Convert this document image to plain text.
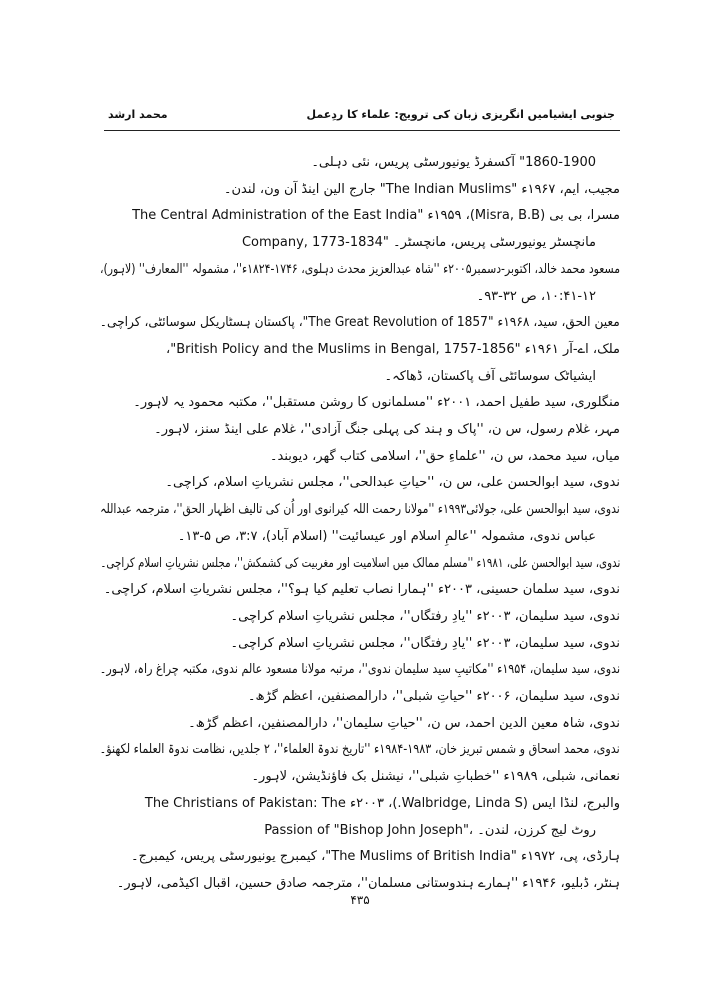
جنوبی ایشیامیں انگریزی زبان کی ترویج: علماء کا ردِعمل
محمد ارشد
1860-1900" آکسفرڈ یونیورسٹی پریس، نئی دہلی۔
مجیب، ایم، ۱۹۶۷ء "The Indian Muslims" جارج الین اینڈ آن ون، لندن۔
مسرا، بی بی (Misra, B.B)، ۱۹۵۹ء "The Central Administration of the East India
Company, 1773-1834" مانچسٹر یونیورسٹی پریس، مانچسٹر۔
مسعود محمد خالد، اکتوبر-دسمبر۲۰۰۵ء ''شاہ عبدالعزیز محدث دہلوی، ۱۷۴۶-۱۸۲۴ء''، مشمولہ ''المعارف'' (لاہور)،
۱۰:۴۱-۱۲، ص ۳۲-۹۳۔
معین الحق، سید، ۱۹۶۸ء "The Great Revolution of 1857"، پاکستان ہسٹاریکل سوسائٹی، کراچی۔
ملک، اے-آر ۱۹۶۱ء "British Policy and the Muslims in Bengal, 1757-1856"،
ایشیاٹک سوسائٹی آف پاکستان، ڈھاکہ۔
منگلوری، سید طفیل احمد، ۲۰۰۱ء ''مسلمانوں کا روشن مستقبل''، مکتبہ محمود یہ لاہور۔
مہر، غلام رسول، س ن، ''پاک و ہند کی پہلی جنگ آزادی''، غلام علی اینڈ سنز، لاہور۔
میاں، سید محمد، س ن، ''علماءِ حق''، اسلامی کتاب گھر، دیوبند۔
ندوی، سید ابوالحسن علی، س ن، ''حیاتِ عبدالحی''، مجلس نشریاتِ اسلام، کراچی۔
ندوی، سید ابوالحسن علی، جولائی۱۹۹۳ء ''مولانا رحمت اللہ کیرانوی اور اُن کی تالیف اظہار الحق''، مترجمہ عبداللہ
عباس ندوی، مشمولہ ''عالمِ اسلام اور عیسائیت'' (اسلام آباد)، ۳:۷، ص ۵-۱۳۔
ندوی، سید ابوالحسن علی، ۱۹۸۱ء ''مسلم ممالک میں اسلامیت اور مغربیت کی کشمکش''، مجلس نشریاتِ اسلام کراچی۔
ندوی، سید سلمان حسینی، ۲۰۰۳ء ''ہمارا نصاب تعلیم کیا ہو؟''، مجلس نشریاتِ اسلام، کراچی۔
ندوی، سید سلیمان، ۲۰۰۳ء ''یادِ رفتگاں''، مجلس نشریاتِ اسلام کراچی۔
ندوی، سید سلیمان، ۲۰۰۳ء ''یادِ رفتگاں''، مجلس نشریاتِ اسلام کراچی۔
ندوی، سید سلیمان، ۱۹۵۴ء ''مکاتیبِ سید سلیمان ندوی''، مرتبہ مولانا مسعود عالم ندوی، مکتبہ چراغ راہ، لاہور۔
ندوی، سید سلیمان، ۲۰۰۶ء ''حیاتِ شبلی''، دارالمصنفین، اعظم گڑھ۔
ندوی، شاہ معین الدین احمد، س ن، ''حیاتِ سلیمان''، دارالمصنفین، اعظم گڑھ۔
ندوی، محمد اسحاق و شمس تبریز خان، ۱۹۸۳-۱۹۸۴ء ''تاریخ ندوۃ العلماء''، ۲ جلدیں، نظامت ندوۃ العلماء لکھنؤ۔
نعمانی، شبلی، ۱۹۸۹ء ''خطباتِ شبلی''، نیشنل بک فاؤنڈیشن، لاہور۔
والبرج، لنڈا ایس (Walbridge, Linda S.)، ۲۰۰۳ء The Christians of Pakistan: The
Passion of "Bishop John Joseph"، روٹ لیج کرزن، لندن۔
ہارڈی، پی، ۱۹۷۲ء "The Muslims of British India"، کیمبرج یونیورسٹی پریس، کیمبرج۔
ہنٹر، ڈبلیو، ۱۹۴۶ء ''ہمارے ہندوستانی مسلمان''، مترجمہ صادق حسین، اقبال اکیڈمی، لاہور۔
۴۳۵
